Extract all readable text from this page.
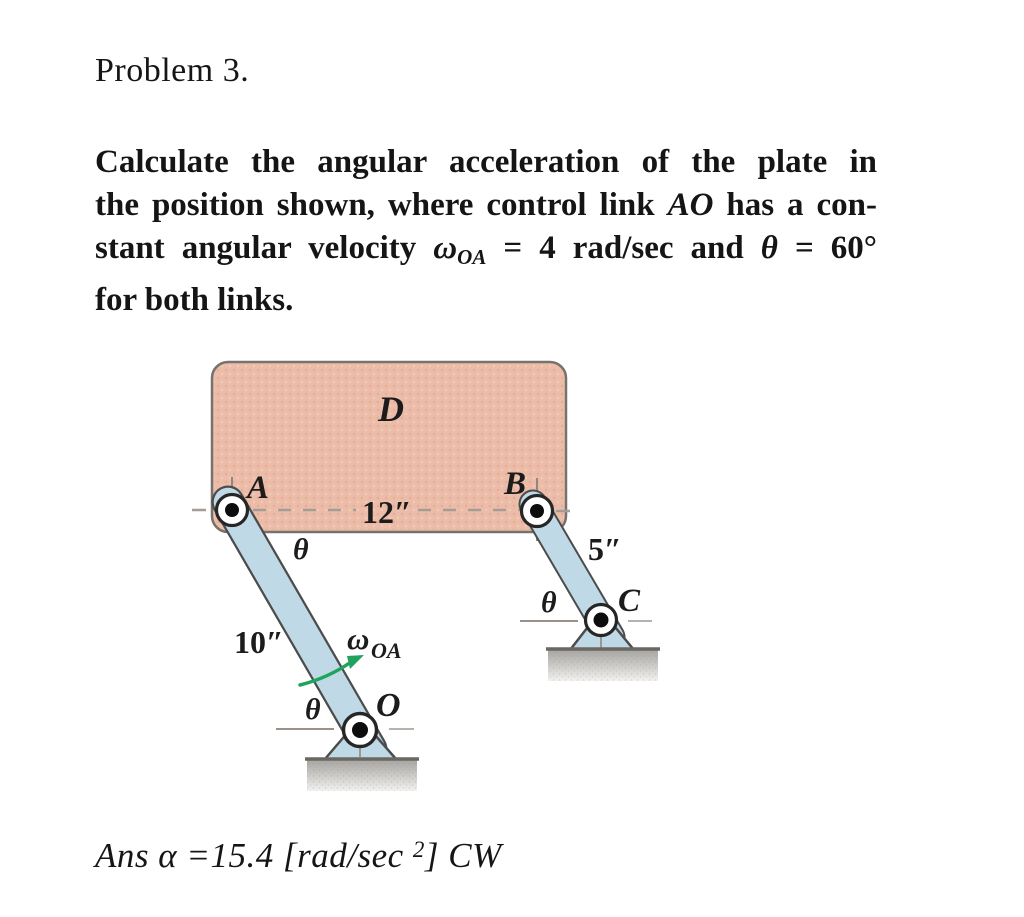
Problem 3.
Calculate the angular acceleration of the plate in
the position shown, where control link AO has a con-
stant angular velocity ωOA = 4 rad/sec and θ = 60°
for both links.
D
A	B
12″
θ
10″ ω OA
θ O
5″
θ C
Ans α =15.4 [rad/sec $^2$] CW
